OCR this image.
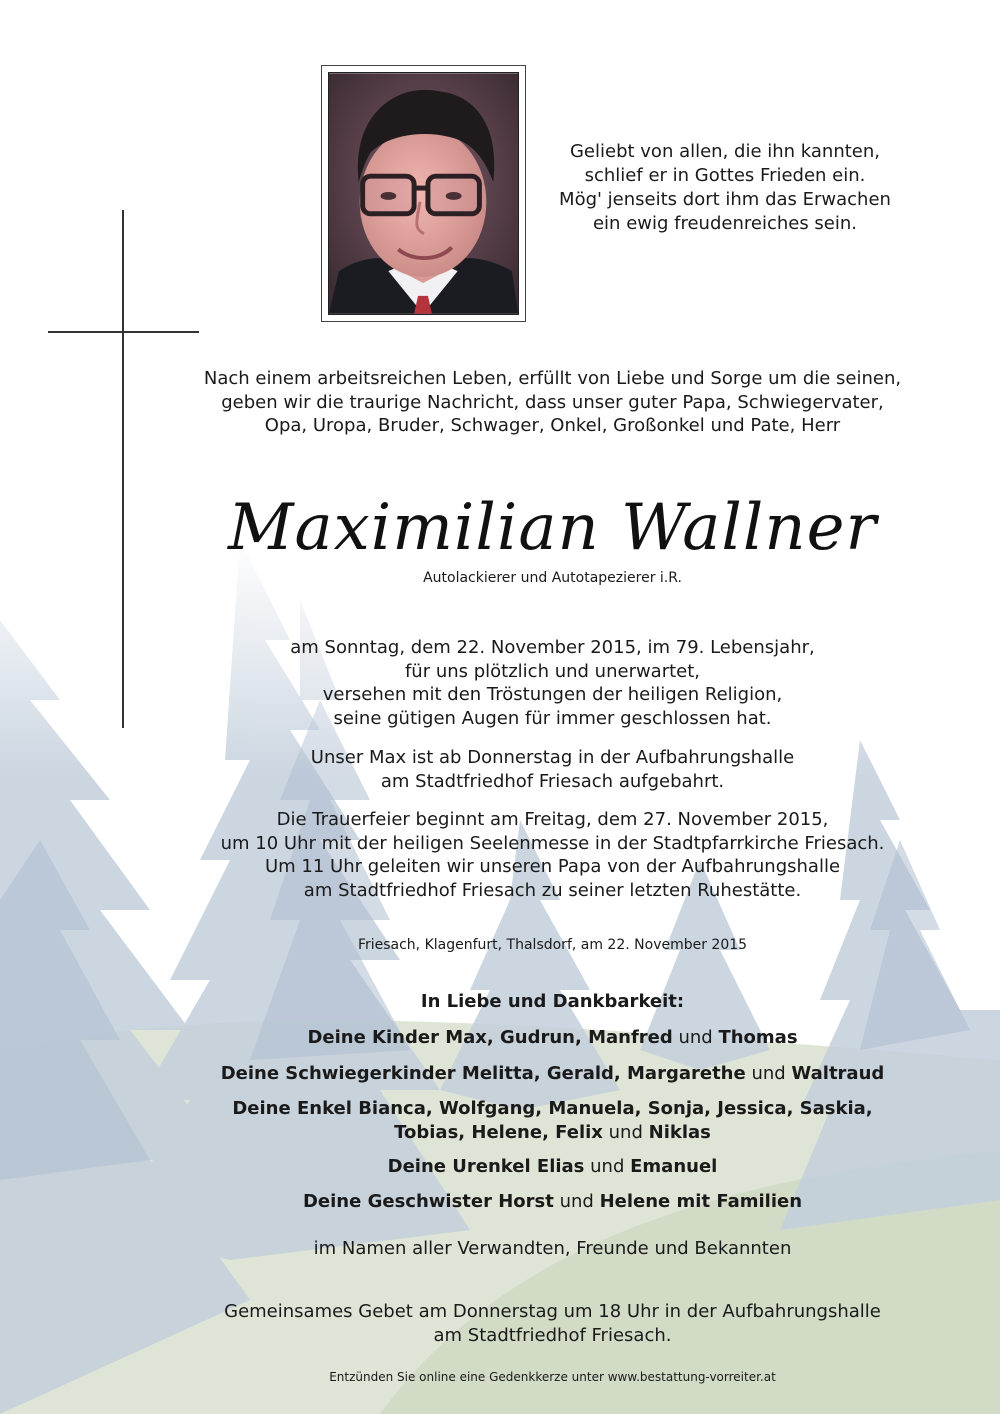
Geliebt von allen, die ihn kannten,
schlief er in Gottes Frieden ein.
Mög' jenseits dort ihm das Erwachen
ein ewig freudenreiches sein.
Nach einem arbeitsreichen Leben, erfüllt von Liebe und Sorge um die seinen,
geben wir die traurige Nachricht, dass unser guter Papa, Schwiegervater,
Opa, Uropa, Bruder, Schwager, Onkel, Großonkel und Pate, Herr
Maximilian Wallner
Autolackierer und Autotapezierer i.R.
am Sonntag, dem 22. November 2015, im 79. Lebensjahr,
für uns plötzlich und unerwartet,
versehen mit den Tröstungen der heiligen Religion,
seine gütigen Augen für immer geschlossen hat.
Unser Max ist ab Donnerstag in der Aufbahrungshalle
am Stadtfriedhof Friesach aufgebahrt.
Die Trauerfeier beginnt am Freitag, dem 27. November 2015,
um 10 Uhr mit der heiligen Seelenmesse in der Stadtpfarrkirche Friesach.
Um 11 Uhr geleiten wir unseren Papa von der Aufbahrungshalle
am Stadtfriedhof Friesach zu seiner letzten Ruhestätte.
Friesach, Klagenfurt, Thalsdorf, am 22. November 2015
In Liebe und Dankbarkeit:
Deine Kinder Max, Gudrun, Manfred und Thomas
Deine Schwiegerkinder Melitta, Gerald, Margarethe und Waltraud
Deine Enkel Bianca, Wolfgang, Manuela, Sonja, Jessica, Saskia,
Tobias, Helene, Felix und Niklas
Deine Urenkel Elias und Emanuel
Deine Geschwister Horst und Helene mit Familien
im Namen aller Verwandten, Freunde und Bekannten
Gemeinsames Gebet am Donnerstag um 18 Uhr in der Aufbahrungshalle
am Stadtfriedhof Friesach.
Entzünden Sie online eine Gedenkkerze unter www.bestattung-vorreiter.at
